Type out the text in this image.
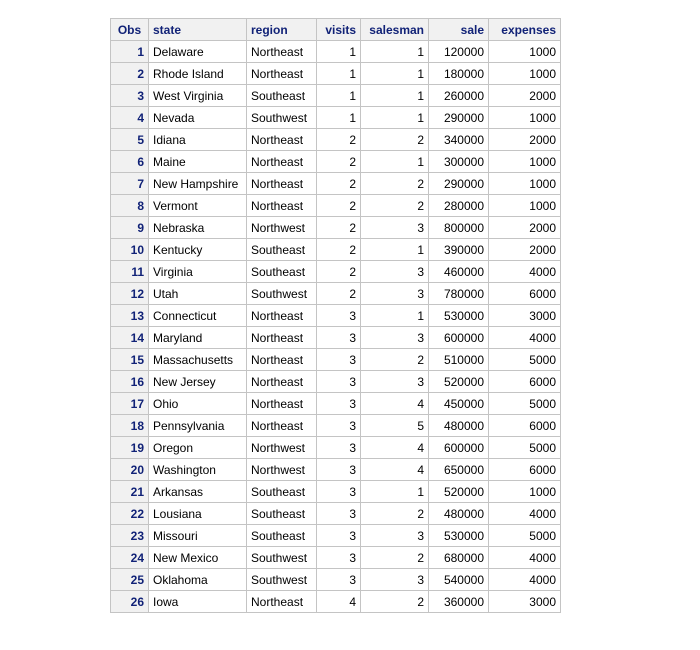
Obs	state	region	visits	salesman	sale	expenses
1	Delaware	Northeast	1	1	120000	1000
2	Rhode Island	Northeast	1	1	180000	1000
3	West Virginia	Southeast	1	1	260000	2000
4	Nevada	Southwest	1	1	290000	1000
5	Idiana	Northeast	2	2	340000	2000
6	Maine	Northeast	2	1	300000	1000
7	New Hampshire	Northeast	2	2	290000	1000
8	Vermont	Northeast	2	2	280000	1000
9	Nebraska	Northwest	2	3	800000	2000
10	Kentucky	Southeast	2	1	390000	2000
11	Virginia	Southeast	2	3	460000	4000
12	Utah	Southwest	2	3	780000	6000
13	Connecticut	Northeast	3	1	530000	3000
14	Maryland	Northeast	3	3	600000	4000
15	Massachusetts	Northeast	3	2	510000	5000
16	New Jersey	Northeast	3	3	520000	6000
17	Ohio	Northeast	3	4	450000	5000
18	Pennsylvania	Northeast	3	5	480000	6000
19	Oregon	Northwest	3	4	600000	5000
20	Washington	Northwest	3	4	650000	6000
21	Arkansas	Southeast	3	1	520000	1000
22	Lousiana	Southeast	3	2	480000	4000
23	Missouri	Southeast	3	3	530000	5000
24	New Mexico	Southwest	3	2	680000	4000
25	Oklahoma	Southwest	3	3	540000	4000
26	Iowa	Northeast	4	2	360000	3000
